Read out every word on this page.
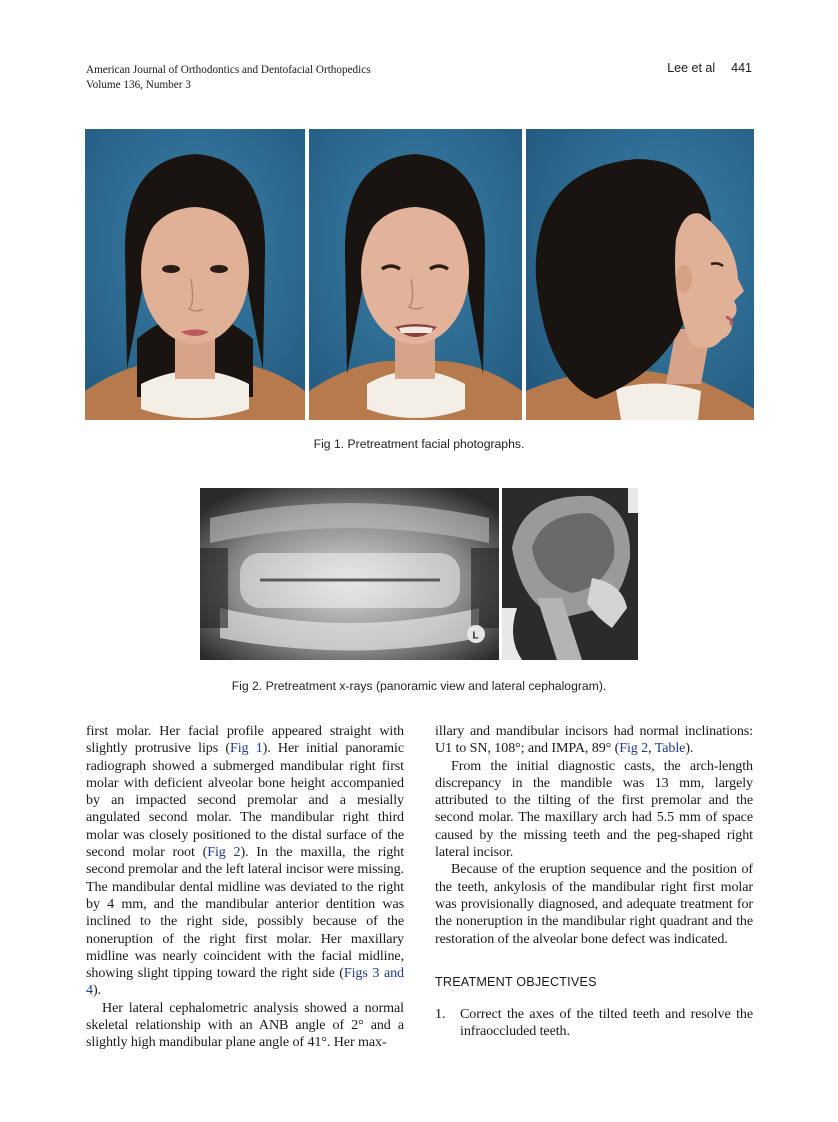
American Journal of Orthodontics and Dentofacial Orthopedics
Volume 136, Number 3
Lee et al 441
Fig 1. Pretreatment facial photographs.
L
Fig 2. Pretreatment x-rays (panoramic view and lateral cephalogram).

first molar. Her facial profile appeared straight with slightly protrusive lips (Fig 1). Her initial panoramic radiograph showed a submerged mandibular right first molar with deficient alveolar bone height accompanied by an impacted second premolar and a mesially angulated second molar. The mandibular right third molar was closely positioned to the distal surface of the second molar root (Fig 2). In the maxilla, the right second premolar and the left lateral incisor were missing. The mandibular dental midline was deviated to the right by 4 mm, and the mandibular anterior dentition was inclined to the right side, possibly because of the noneruption of the right first molar. Her maxillary midline was nearly coincident with the facial midline, showing slight tipping toward the right side (Figs 3 and 4).

Her lateral cephalometric analysis showed a normal skeletal relationship with an ANB angle of 2° and a slightly high mandibular plane angle of 41°. Her max-

illary and mandibular incisors had normal inclinations: U1 to SN, 108°; and IMPA, 89° (Fig 2, Table).

From the initial diagnostic casts, the arch-length discrepancy in the mandible was 13 mm, largely attributed to the tilting of the first premolar and the second molar. The maxillary arch had 5.5 mm of space caused by the missing teeth and the peg-shaped right lateral incisor.

Because of the eruption sequence and the position of the teeth, ankylosis of the mandibular right first molar was provisionally diagnosed, and adequate treatment for the noneruption in the mandibular right quadrant and the restoration of the alveolar bone defect was indicated.

TREATMENT OBJECTIVES
1.	Correct the axes of the tilted teeth and resolve the infraoccluded teeth.
